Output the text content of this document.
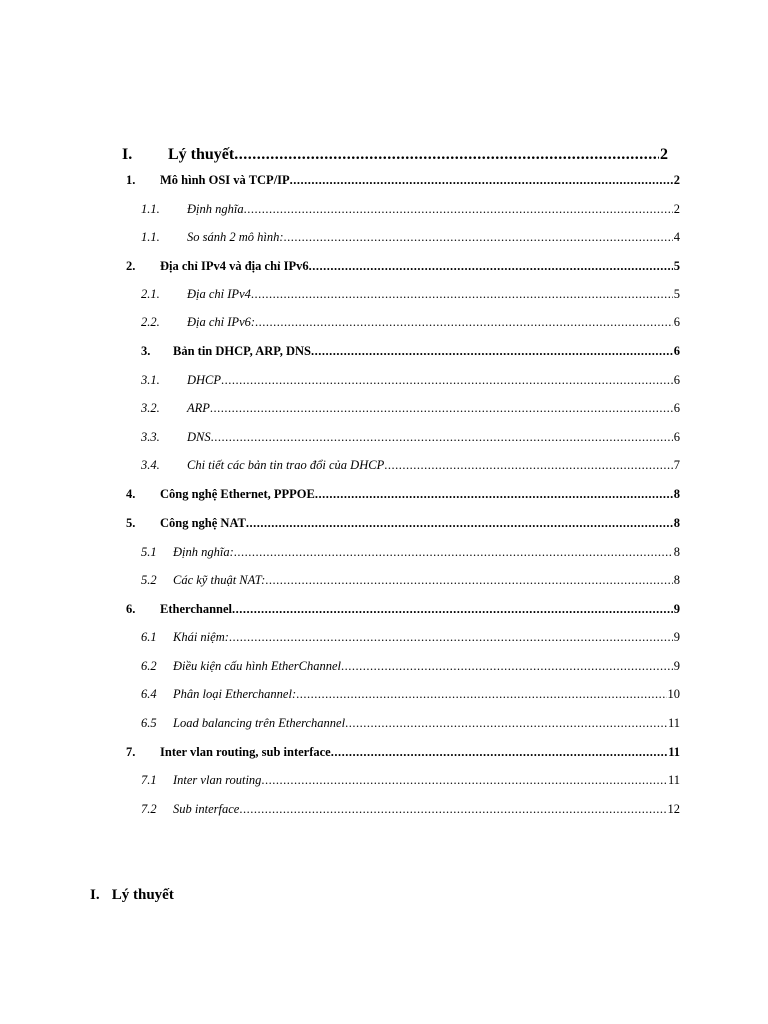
I.	Lý thuyết .....	2
1.	Mô hình OSI và TCP/IP .....	2
1.1.	Định nghĩa .....	2
1.1.	So sánh 2 mô hình: .....	4
2.	Địa chỉ IPv4 và địa chỉ IPv6 .....	5
2.1.	Địa chỉ IPv4 .....	5
2.2.	Địa chỉ IPv6: .....	6
3.	Bản tin DHCP, ARP, DNS .....	6
3.1.	DHCP .....	6
3.2.	ARP .....	6
3.3.	DNS .....	6
3.4.	Chi tiết các bản tin trao đổi của DHCP .....	7
4.	Công nghệ Ethernet, PPPOE .....	8
5.	Công nghệ NAT .....	8
5.1	Định nghĩa: .....	8
5.2	Các kỹ thuật NAT: .....	8
6.	Etherchannel .....	9
6.1	Khái niệm: .....	9
6.2	Điều kiện cấu hình EtherChannel .....	9
6.4	Phân loại Etherchannel: .....	10
6.5	Load balancing trên Etherchannel .....	11
7.	Inter vlan routing, sub interface .....	11
7.1	Inter vlan routing .....	11
7.2	Sub interface .....	12
I. Lý thuyết
